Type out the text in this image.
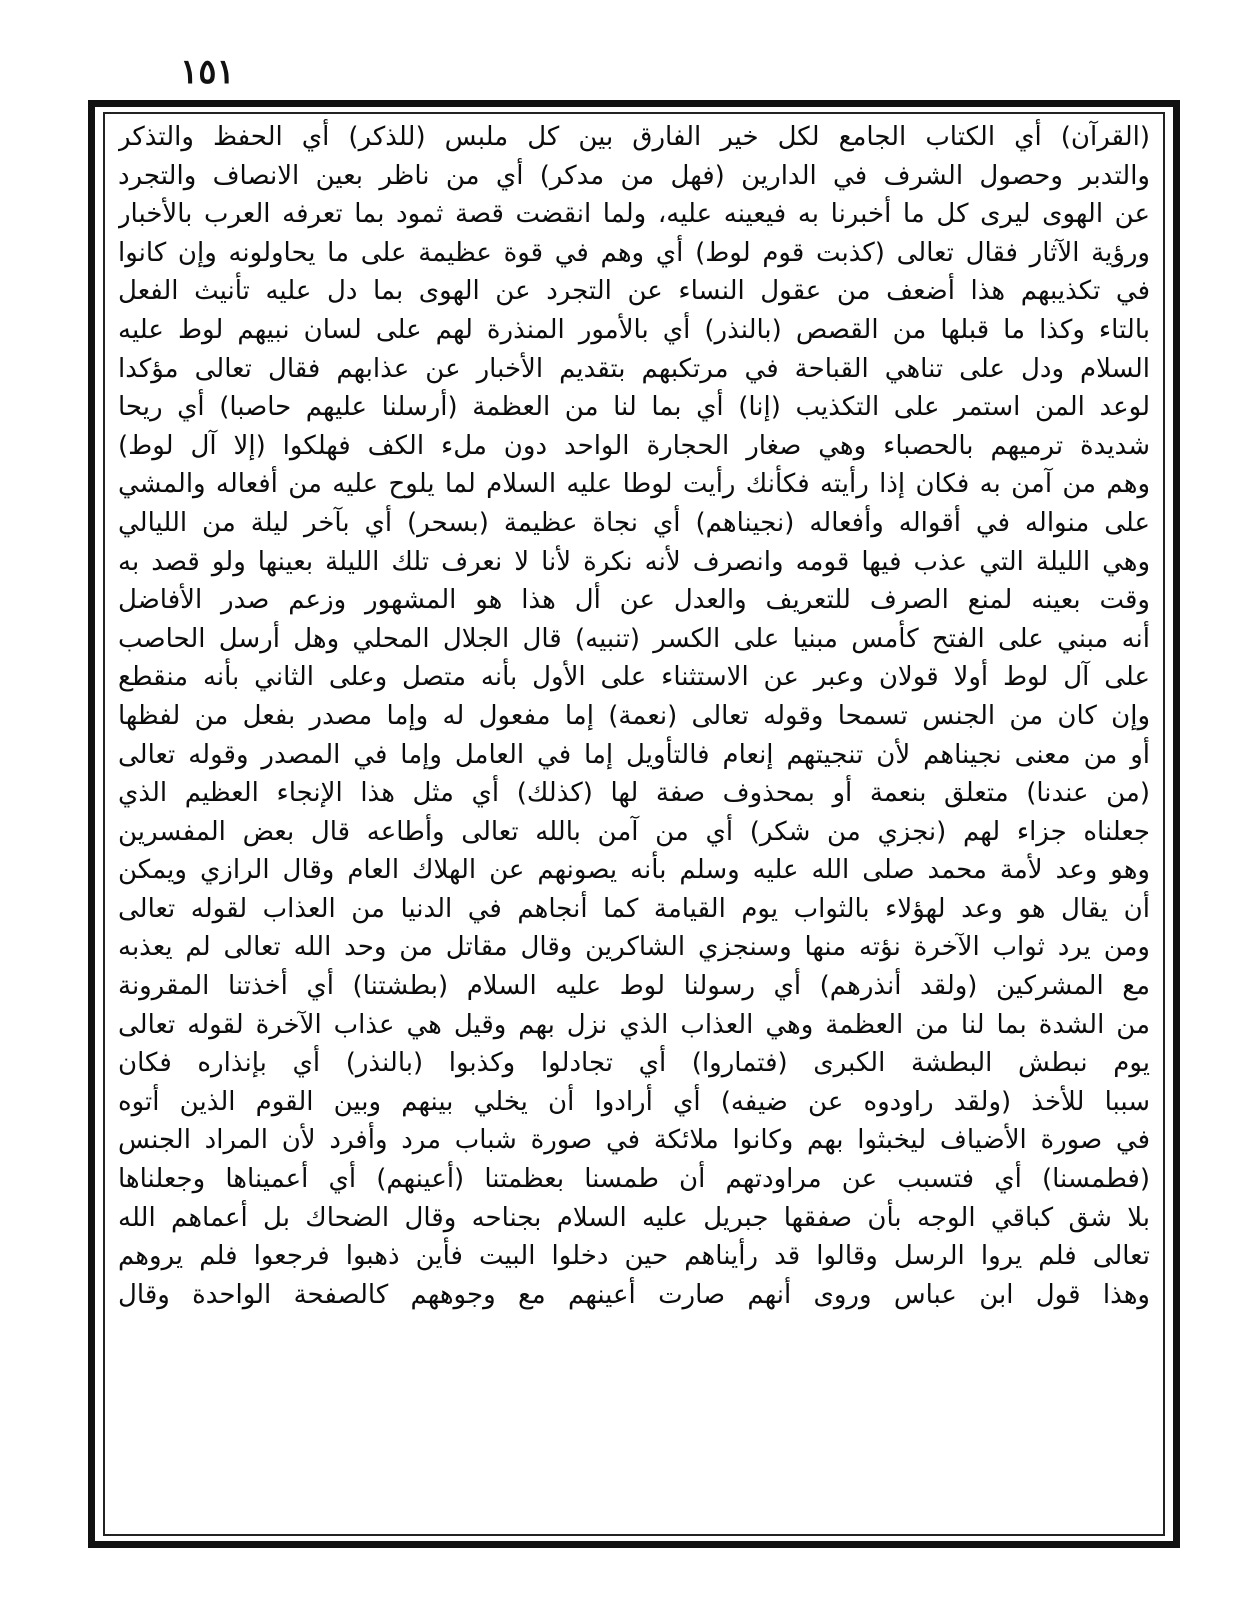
١٥١
(القرآن) أي الكتاب الجامع لكل خير الفارق بين كل ملبس (للذكر) أي الحفظ والتذكر
والتدبر وحصول الشرف في الدارين (فهل من مدكر) أي من ناظر بعين الانصاف والتجرد
عن الهوى ليرى كل ما أخبرنا به فيعينه عليه، ولما انقضت قصة ثمود بما تعرفه العرب بالأخبار
ورؤية الآثار فقال تعالى (كذبت قوم لوط) أي وهم في قوة عظيمة على ما يحاولونه وإن كانوا
في تكذيبهم هذا أضعف من عقول النساء عن التجرد عن الهوى بما دل عليه تأنيث الفعل
بالتاء وكذا ما قبلها من القصص (بالنذر) أي بالأمور المنذرة لهم على لسان نبيهم لوط عليه
السلام ودل على تناهي القباحة في مرتكبهم بتقديم الأخبار عن عذابهم فقال تعالى مؤكدا
لوعد المن استمر على التكذيب (إنا) أي بما لنا من العظمة (أرسلنا عليهم حاصبا) أي ريحا
شديدة ترميهم بالحصباء وهي صغار الحجارة الواحد دون ملء الكف فهلكوا (إلا آل لوط)
وهم من آمن به فكان إذا رأيته فكأنك رأيت لوطا عليه السلام لما يلوح عليه من أفعاله والمشي
على منواله في أقواله وأفعاله (نجيناهم) أي نجاة عظيمة (بسحر) أي بآخر ليلة من الليالي
وهي الليلة التي عذب فيها قومه وانصرف لأنه نكرة لأنا لا نعرف تلك الليلة بعينها ولو قصد به
وقت بعينه لمنع الصرف للتعريف والعدل عن أل هذا هو المشهور وزعم صدر الأفاضل
أنه مبني على الفتح كأمس مبنيا على الكسر (تنبيه) قال الجلال المحلي وهل أرسل الحاصب
على آل لوط أولا قولان وعبر عن الاستثناء على الأول بأنه متصل وعلى الثاني بأنه منقطع
وإن كان من الجنس تسمحا وقوله تعالى (نعمة) إما مفعول له وإما مصدر بفعل من لفظها
أو من معنى نجيناهم لأن تنجيتهم إنعام فالتأويل إما في العامل وإما في المصدر وقوله تعالى
(من عندنا) متعلق بنعمة أو بمحذوف صفة لها (كذلك) أي مثل هذا الإنجاء العظيم الذي
جعلناه جزاء لهم (نجزي من شكر) أي من آمن بالله تعالى وأطاعه قال بعض المفسرين
وهو وعد لأمة محمد صلى الله عليه وسلم بأنه يصونهم عن الهلاك العام وقال الرازي ويمكن
أن يقال هو وعد لهؤلاء بالثواب يوم القيامة كما أنجاهم في الدنيا من العذاب لقوله تعالى
ومن يرد ثواب الآخرة نؤته منها وسنجزي الشاكرين وقال مقاتل من وحد الله تعالى لم يعذبه
مع المشركين (ولقد أنذرهم) أي رسولنا لوط عليه السلام (بطشتنا) أي أخذتنا المقرونة
من الشدة بما لنا من العظمة وهي العذاب الذي نزل بهم وقيل هي عذاب الآخرة لقوله تعالى
يوم نبطش البطشة الكبرى (فتماروا) أي تجادلوا وكذبوا (بالنذر) أي بإنذاره فكان
سببا للأخذ (ولقد راودوه عن ضيفه) أي أرادوا أن يخلي بينهم وبين القوم الذين أتوه
في صورة الأضياف ليخبثوا بهم وكانوا ملائكة في صورة شباب مرد وأفرد لأن المراد الجنس
(فطمسنا) أي فتسبب عن مراودتهم أن طمسنا بعظمتنا (أعينهم) أي أعميناها وجعلناها
بلا شق كباقي الوجه بأن صفقها جبريل عليه السلام بجناحه وقال الضحاك بل أعماهم الله
تعالى فلم يروا الرسل وقالوا قد رأيناهم حين دخلوا البيت فأين ذهبوا فرجعوا فلم يروهم
وهذا قول ابن عباس وروى أنهم صارت أعينهم مع وجوههم كالصفحة الواحدة وقال
